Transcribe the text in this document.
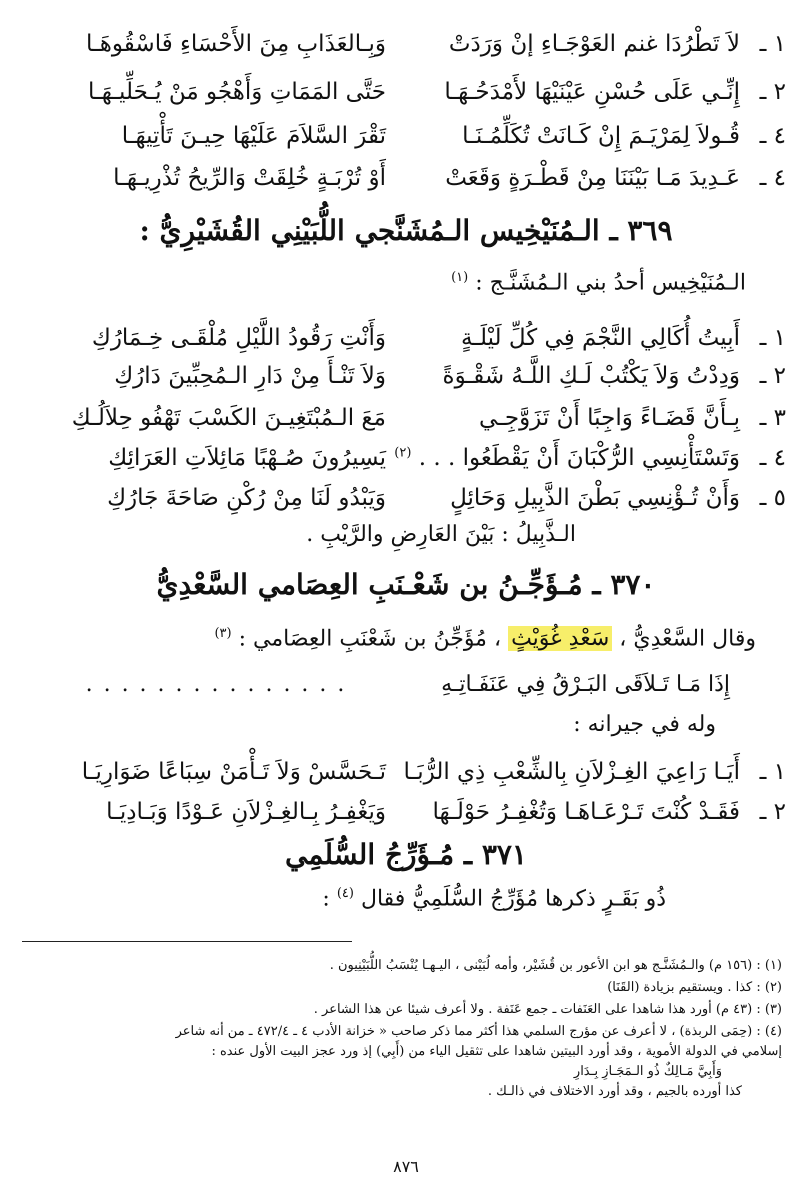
١ ـ
لاَ تَطْرُدَا غنم العَوْجَـاءِ إنْ وَرَدَتْ
وَبِـالعَذَابِ مِنَ الأَحْسَاءِ فَاسْقُوهَـا
٢ ـ
إِنِّـي عَلَى حُسْنِ عَيْنَيْهَا لأَمْدَحُـهَـا
حَتَّى المَمَاتِ وَأَهْجُو مَنْ يُـحَلِّيـهَـا
٤ ـ
قُـولاَ لِمَرْيَـمَ إِنْ كَـانَتْ تُكَلِّمُـنَـا
تَقْرَ السَّلاَمَ عَلَيْهَا حِيـنَ تَأْتِيهَـا
٤ ـ
عَـدِيدَ مَـا بَيْنَنَا مِنْ قَطْـرَةٍ وَقَعَتْ
أَوْ تُرْبَـةٍ خُلِقَتْ وَالرِّيحُ تُذْرِيـهَـا
٣٦٩ ـ الـمُنَيْخِيس الـمُشَنَّجي اللُّبَيْنِي القُشَيْرِيُّ :
الـمُنَيْخِيس أحدُ بني الـمُشَنَّـج : $^{(١)}$
١ ـ
أَبِيتُ أُكَالِي النَّجْمَ فِي كُلِّ لَيْلَـةٍ
وَأَنْتِ رَقُودُ اللَّيْلِ مُلْقَـى خِـمَارُكِ
٢ ـ
وَدِدْتُ وَلاَ يَكْتُبْ لَـكِ اللَّـهُ شَقْـوَةً
وَلاَ تَنْـأَ مِنْ دَارِ الـمُحِبِّينَ دَارُكِ
٣ ـ
بِـأَنَّ قَضَـاءً وَاجِبًا أَنْ تَزَوَّجِـي
مَعَ الـمُبْتَغِيـنَ الكَسْبَ تَهْفُو حِلاَلُـكِ
٤ ـ
وَتَسْتَأْنِسِي الرُّكْبَانَ أَنْ يَقْطَعُوا . . . $^{(٢)}$
يَسِيرُونَ صُـهْبًا مَائِلاَتِ العَرَائِكِ
٥ ـ
وَأَنْ تُـؤْنِسِي بَطْنَ الذَّبِيلِ وَحَائِلٍ
وَيَبْدُو لَنَا مِنْ رُكْنِ صَاحَةَ جَارُكِ
الـذَّبِيلُ : بَيْنَ العَارِضِ والرَّيْبِ .
٣٧٠ ـ مُـؤَجِّـنُ بن شَعْـنَبِ العِصَامي السَّعْدِيُّ
وقال السَّعْدِيُّ ، سَعْدِ غُوَيْثٍ ، مُؤَجِّنُ بن شَعْنَبِ العِصَامي : $^{(٣)}$
إِذَا مَـا تَـلاَقَى البَـرْقُ فِي عَنَفَـاتِـهِ
. . . . . . . . . . . . . . .
وله في جيرانه :
١ ـ
أَيَـا رَاعِيَ الغِـزْلاَنِ بِالشِّعْبِ ذِي الرُّبَـا
تَـحَسَّسْ وَلاَ تَـأْمَنْ سِبَاعًا ضَوَارِيَـا
٢ ـ
فَقَـدْ كُنْتَ تَـرْعَـاهَـا وَتُغْفِـرُ حَوْلَـهَا
وَيَغْفِـرُ بِـالغِـزْلاَنِ عَـوْدًا وَبَـادِيَـا
٣٧١ ـ مُـؤَرِّجُ السُّلَمِي
ذُو بَقَـرٍ ذكرها مُؤَرِّجُ السُّلَمِيُّ فقال $^{(٤)}$ :
(١) : (١٥٦ م) والـمُشَنَّـج هو ابن الأعور بن قُشَيْر، وأمه لُبَيْنى ، اليـهـا يُنْسَبُ اللُّبَيْنِيون .
(٢) : كذا . ويستقيم بزيادة (القَنَا)
(٣) : (٤٣ م) أورد هذا شاهدا على العَنَفات ـ جمع عَنَفة . ولا أعرف شيئا عن هذا الشاعر .
(٤) : (حِمَى الربذة) ، لا أعرف عن مؤرج السلمي هذا أكثر مما ذكر صاحب « خزانة الأدب ٤ ـ ٤٧٢/٤ ـ من أنه شاعر
إسلامي في الدولة الأموية ، وقد أورد البيتين شاهدا على تثقيل الياء من (أَبِي) إذ ورد عجز البيت الأول عنده :
وَأَبِيَّ مَـالِكٌ ذُو الـمَجَـازِ بِـدَارِ
كذا أورده بالجيم ، وقد أورد الاختلاف في ذالـك .
٨٧٦
